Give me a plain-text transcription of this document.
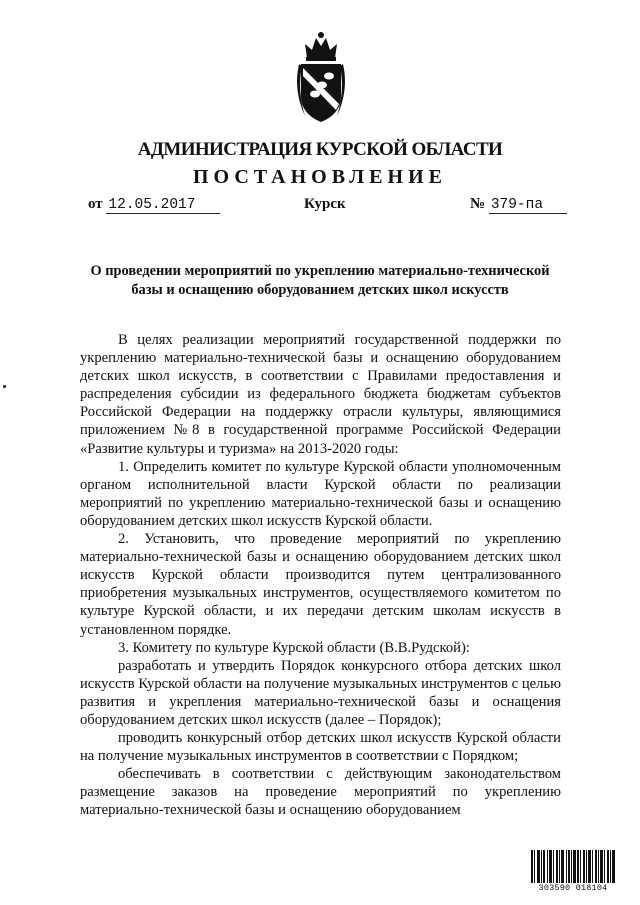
АДМИНИСТРАЦИЯ КУРСКОЙ ОБЛАСТИ
ПОСТАНОВЛЕНИЕ
от 12.05.2017	Курск	№ 379-па
О проведении мероприятий по укреплению материально-технической базы и оснащению оборудованием детских школ искусств

В целях реализации мероприятий государственной поддержки по укреплению материально-технической базы и оснащению оборудованием детских школ искусств, в соответствии с Правилами предоставления и распределения субсидии из федерального бюджета бюджетам субъектов Российской Федерации на поддержку отрасли культуры, являющимися приложением №8 в государственной программе Российской Федерации «Развитие культуры и туризма» на 2013-2020 годы:

1. Определить комитет по культуре Курской области уполномоченным органом исполнительной власти Курской области по реализации мероприятий по укреплению материально-технической базы и оснащению оборудованием детских школ искусств Курской области.

2. Установить, что проведение мероприятий по укреплению материально-технической базы и оснащению оборудованием детских школ искусств Курской области производится путем централизованного приобретения музыкальных инструментов, осуществляемого комитетом по культуре Курской области, и их передачи детским школам искусств в установленном порядке.

3. Комитету по культуре Курской области (В.В.Рудской):

разработать и утвердить Порядок конкурсного отбора детских школ искусств Курской области на получение музыкальных инструментов с целью развития и укрепления материально-технической базы и оснащения оборудованием детских школ искусств (далее – Порядок);

проводить конкурсный отбор детских школ искусств Курской области на получение музыкальных инструментов в соответствии с Порядком;

обеспечивать в соответствии с действующим законодательством размещение заказов на проведение мероприятий по укреплению материально-технической базы и оснащению оборудованием

303590 018104
